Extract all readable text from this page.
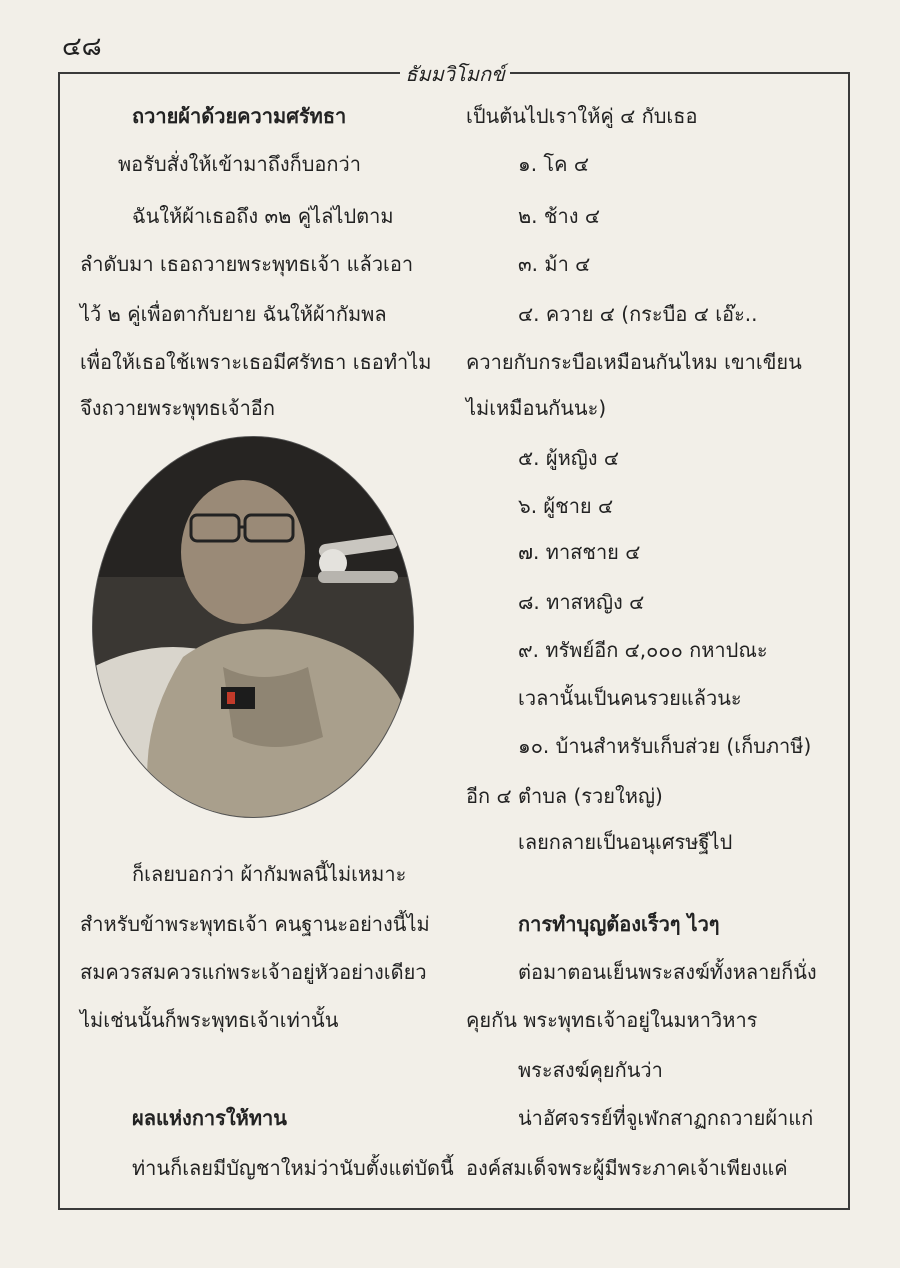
๔๘
ธัมมวิโมกข์
ถวายผ้าด้วยความศรัทธา
พอรับสั่งให้เข้ามาถึงก็บอกว่า
ฉันให้ผ้าเธอถึง ๓๒ คู่ไล่ไปตาม
ลำดับมา เธอถวายพระพุทธเจ้า แล้วเอา
ไว้ ๒ คู่เพื่อตากับยาย ฉันให้ผ้ากัมพล
เพื่อให้เธอใช้เพราะเธอมีศรัทธา เธอทำไม
จึงถวายพระพุทธเจ้าอีก
ก็เลยบอกว่า ผ้ากัมพลนี้ไม่เหมาะ
สำหรับข้าพระพุทธเจ้า คนฐานะอย่างนี้ไม่
สมควรสมควรแก่พระเจ้าอยู่หัวอย่างเดียว
ไม่เช่นนั้นก็พระพุทธเจ้าเท่านั้น
ผลแห่งการให้ทาน
ท่านก็เลยมีบัญชาใหม่ว่านับตั้งแต่บัดนี้
เป็นต้นไปเราให้คู่ ๔ กับเธอ
๑. โค ๔
๒. ช้าง ๔
๓. ม้า ๔
๔. ควาย ๔ (กระบือ ๔ เอ๊ะ..
ควายกับกระบือเหมือนกันไหม เขาเขียน
ไม่เหมือนกันนะ)
๕. ผู้หญิง ๔
๖. ผู้ชาย ๔
๗. ทาสชาย ๔
๘. ทาสหญิง ๔
๙. ทรัพย์อีก ๔,๐๐๐ กหาปณะ
เวลานั้นเป็นคนรวยแล้วนะ
๑๐. บ้านสำหรับเก็บส่วย (เก็บภาษี)
อีก ๔ ตำบล (รวยใหญ่)
เลยกลายเป็นอนุเศรษฐีไป
การทำบุญต้องเร็วๆ ไวๆ
ต่อมาตอนเย็นพระสงฆ์ทั้งหลายก็นั่ง
คุยกัน พระพุทธเจ้าอยู่ในมหาวิหาร
พระสงฆ์คุยกันว่า
น่าอัศจรรย์ที่จูเฬกสาฏกถวายผ้าแก่
องค์สมเด็จพระผู้มีพระภาคเจ้าเพียงแค่
